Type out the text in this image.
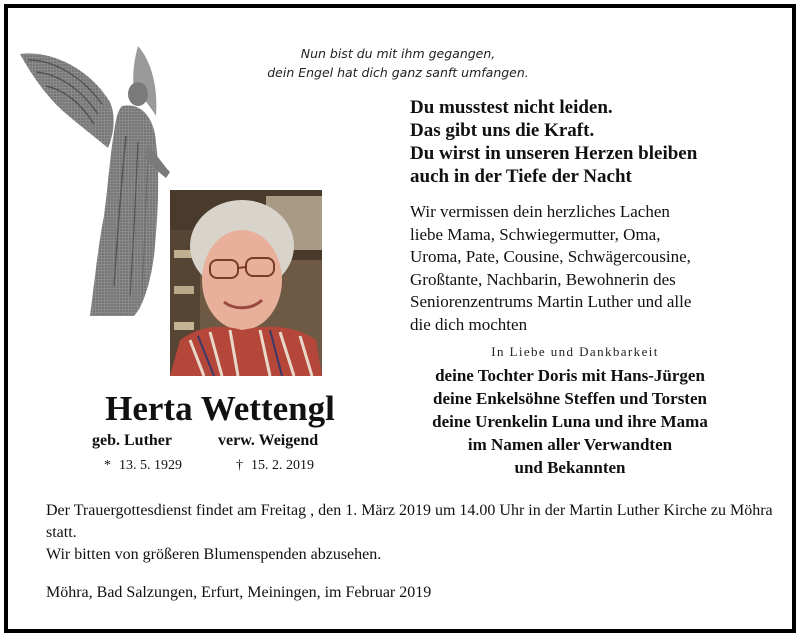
Nun bist du mit ihm gegangen,
dein Engel hat dich ganz sanft umfangen.
Du musstest nicht leiden.
Das gibt uns die Kraft.
Du wirst in unseren Herzen bleiben
auch in der Tiefe der Nacht
Wir vermissen dein herzliches Lachen
liebe Mama, Schwiegermutter, Oma,
Uroma, Pate, Cousine, Schwägercousine,
Großtante, Nachbarin, Bewohnerin des
Seniorenzentrums Martin Luther und alle
die dich mochten
In Liebe und Dankbarkeit
deine Tochter Doris mit Hans-Jürgen
deine Enkelsöhne Steffen und Torsten
deine Urenkelin Luna und ihre Mama
im Namen aller Verwandten
und Bekannten
Herta Wettengl
geb. Luther	verw. Weigend
* 13. 5. 1929	† 15. 2. 2019
Der Trauergottesdienst findet am Freitag , den 1. März 2019 um 14.00 Uhr in der Martin Luther Kirche zu Möhra statt.
Wir bitten von größeren Blumenspenden abzusehen.
Möhra, Bad Salzungen, Erfurt, Meiningen, im Februar 2019
